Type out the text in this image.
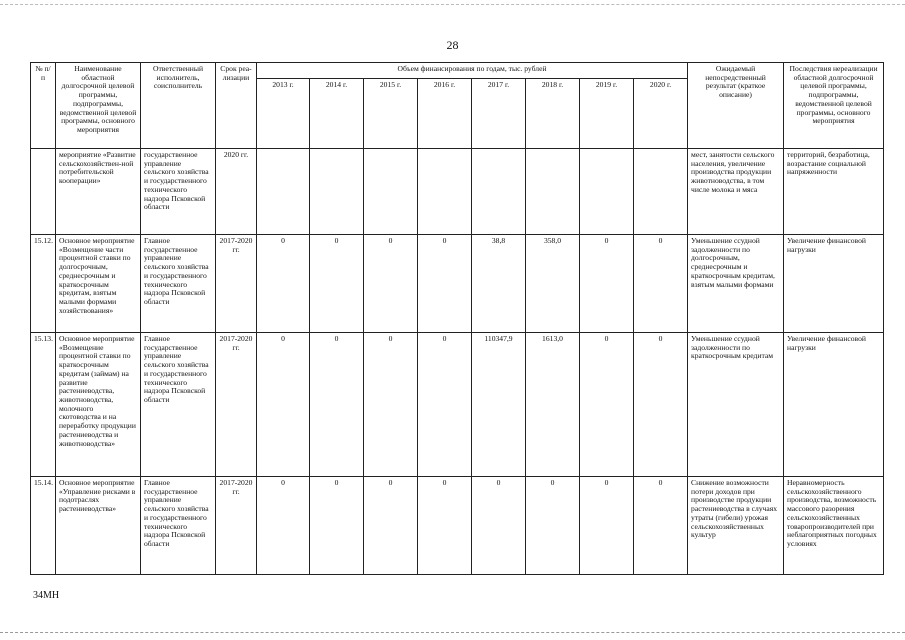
28
№ п/п	Наименование областной долгосрочной целевой программы, подпрограммы, ведомственной целевой программы, основного мероприятия	Ответственный исполнитель, соисполнитель	Срок реа-лизации	Объем финансирования по годам, тыс. рублей								Ожидаемый непосредственный результат (краткое описание)	Последствия нереализации областной долгосрочной целевой программы, подпрограммы, ведомственной целевой программы, основного мероприятия
				2013 г.	2014 г.	2015 г.	2016 г.	2017 г.	2018 г.	2019 г.	2020 г.		
	мероприятие «Развитие сельскохозяйствен-ной потребительской кооперации»	государственное управление сельского хозяйства и государственного технического надзора Псковской области	2020 гг.									мест, занятости сельского населения, увеличение производства продукции животноводства, в том числе молока и мяса	территорий, безработица, возрастание социальной напряженности
15.12.	Основное мероприятие «Возмещение части процентной ставки по долгосрочным, среднесрочным и краткосрочным кредитам, взятым малыми формами хозяйствования»	Главное государственное управление сельского хозяйства и государственного технического надзора Псковской области	2017-2020 гг.	0	0	0	0	38,8	358,0	0	0	Уменьшение ссудной задолженности по долгосрочным, среднесрочным и краткосрочным кредитам, взятым малыми формами	Увеличение финансовой нагрузки
15.13.	Основное мероприятие «Возмещение процентной ставки по краткосрочным кредитам (займам) на развитие растениеводства, животноводства, молочного скотоводства и на переработку продукции растениеводства и животноводства»	Главное государственное управление сельского хозяйства и государственного технического надзора Псковской области	2017-2020 гг.	0	0	0	0	110347,9	1613,0	0	0	Уменьшение ссудной задолженности по краткосрочным кредитам	Увеличение финансовой нагрузки
15.14.	Основное мероприятие «Управление рисками в подотраслях растениеводства»	Главное государственное управление сельского хозяйства и государственного технического надзора Псковской области	2017-2020 гг.	0	0	0	0	0	0	0	0	Снижение возможности потери доходов при производстве продукции растениеводства в случаях утраты (гибели) урожая сельскохозяйственных культур	Неравномерность сельскохозяйственного производства, возможность массового разорения сельскохозяйственных товаропроизводителей при неблагоприятных погодных условиях
34МН
